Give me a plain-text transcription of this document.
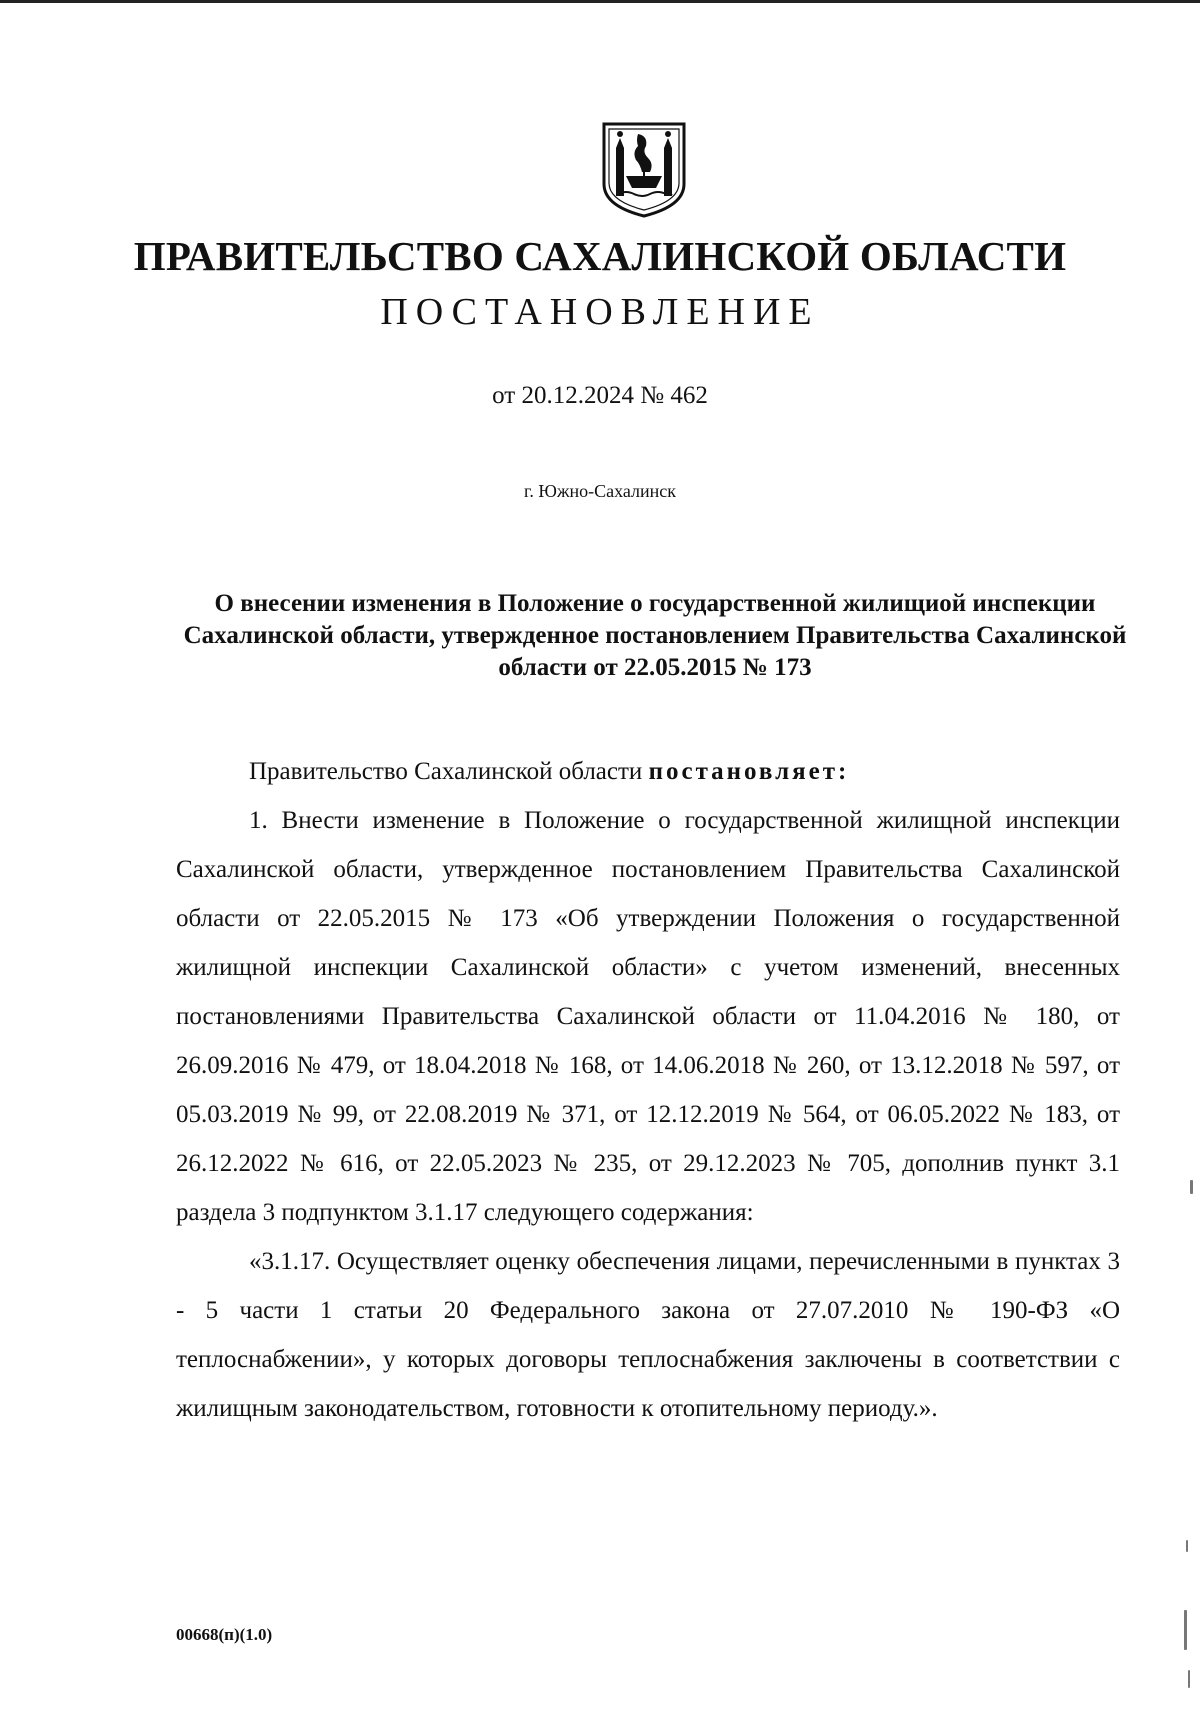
ПРАВИТЕЛЬСТВО САХАЛИНСКОЙ ОБЛАСТИ
ПОСТАНОВЛЕНИЕ
от 20.12.2024 № 462
г. Южно-Сахалинск
О внесении изменения в Положение о государственной жилищиой инспекции Сахалинской области, утвержденное постановлением Правительства Сахалинской области от 22.05.2015 № 173

Правительство Сахалинской области постановляет:

1. Внести изменение в Положение о государственной жилищной инспекции Сахалинской области, утвержденное постановлением Правительства Сахалинской области от 22.05.2015 № 173 «Об утверждении Положения о государственной жилищной инспекции Сахалинской области» с учетом изменений, внесенных постановлениями Правительства Сахалинской области от 11.04.2016 № 180, от 26.09.2016 № 479, от 18.04.2018 № 168, от 14.06.2018 № 260, от 13.12.2018 № 597, от 05.03.2019 № 99, от 22.08.2019 № 371, от 12.12.2019 № 564, от 06.05.2022 № 183, от 26.12.2022 № 616, от 22.05.2023 № 235, от 29.12.2023 № 705, дополнив пункт 3.1 раздела 3 подпунктом 3.1.17 следующего содержания:

«3.1.17. Осуществляет оценку обеспечения лицами, перечисленными в пунктах 3 - 5 части 1 статьи 20 Федерального закона от 27.07.2010 № 190-ФЗ «О теплоснабжении», у которых договоры теплоснабжения заключены в соответствии с жилищным законодательством, готовности к отопительному периоду.».

00668(п)(1.0)
